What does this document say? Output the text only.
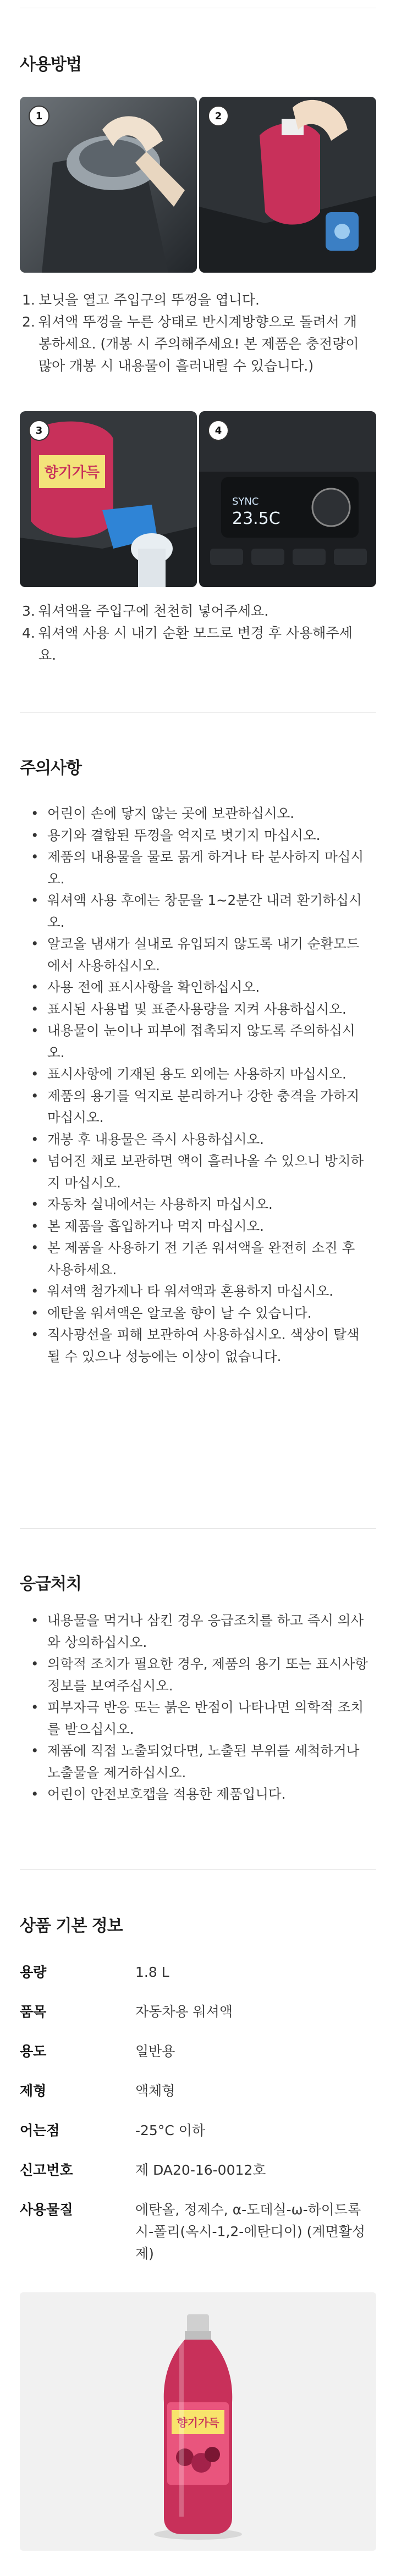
사용방법
1	2
1. 보닛을 열고 주입구의 뚜껑을 엽니다.
2. 워셔액 뚜껑을 누른 상태로 반시계방향으로 돌려서 개봉하세요. (개봉 시 주의해주세요! 본 제품은 충전량이 많아 개봉 시 내용물이 흘러내릴 수 있습니다.)
향기가득
3
SYNC
23.5C
4
3. 워셔액을 주입구에 천천히 넣어주세요.
4. 워셔액 사용 시 내기 순환 모드로 변경 후 사용해주세요.
주의사항
• 어린이 손에 닿지 않는 곳에 보관하십시오.
• 용기와 결합된 뚜껑을 억지로 벗기지 마십시오.
• 제품의 내용물을 물로 묽게 하거나 타 분사하지 마십시오.
• 워셔액 사용 후에는 창문을 1~2분간 내려 환기하십시오.
• 알코올 냄새가 실내로 유입되지 않도록 내기 순환모드에서 사용하십시오.
• 사용 전에 표시사항을 확인하십시오.
• 표시된 사용법 및 표준사용량을 지켜 사용하십시오.
• 내용물이 눈이나 피부에 접촉되지 않도록 주의하십시오.
• 표시사항에 기재된 용도 외에는 사용하지 마십시오.
• 제품의 용기를 억지로 분리하거나 강한 충격을 가하지 마십시오.
• 개봉 후 내용물은 즉시 사용하십시오.
• 넘어진 채로 보관하면 액이 흘러나올 수 있으니 방치하지 마십시오.
• 자동차 실내에서는 사용하지 마십시오.
• 본 제품을 흡입하거나 먹지 마십시오.
• 본 제품을 사용하기 전 기존 워셔액을 완전히 소진 후 사용하세요.
• 워셔액 첨가제나 타 워셔액과 혼용하지 마십시오.
• 에탄올 워셔액은 알코올 향이 날 수 있습니다.
• 직사광선을 피해 보관하여 사용하십시오. 색상이 탈색될 수 있으나 성능에는 이상이 없습니다.
응급처치
• 내용물을 먹거나 삼킨 경우 응급조치를 하고 즉시 의사와 상의하십시오.
• 의학적 조치가 필요한 경우, 제품의 용기 또는 표시사항 정보를 보여주십시오.
• 피부자극 반응 또는 붉은 반점이 나타나면 의학적 조치를 받으십시오.
• 제품에 직접 노출되었다면, 노출된 부위를 세척하거나 노출물을 제거하십시오.
• 어린이 안전보호캡을 적용한 제품입니다.
상품 기본 정보
용량	1.8 L
품목	자동차용 워셔액
용도	일반용
제형	액체형
어는점	-25°C 이하
신고번호	제 DA20-16-0012호
사용물질	에탄올, 정제수, α-도데실-ω-하이드록시-폴리(옥시-1,2-에탄디이) (계면활성제)
향기가득
